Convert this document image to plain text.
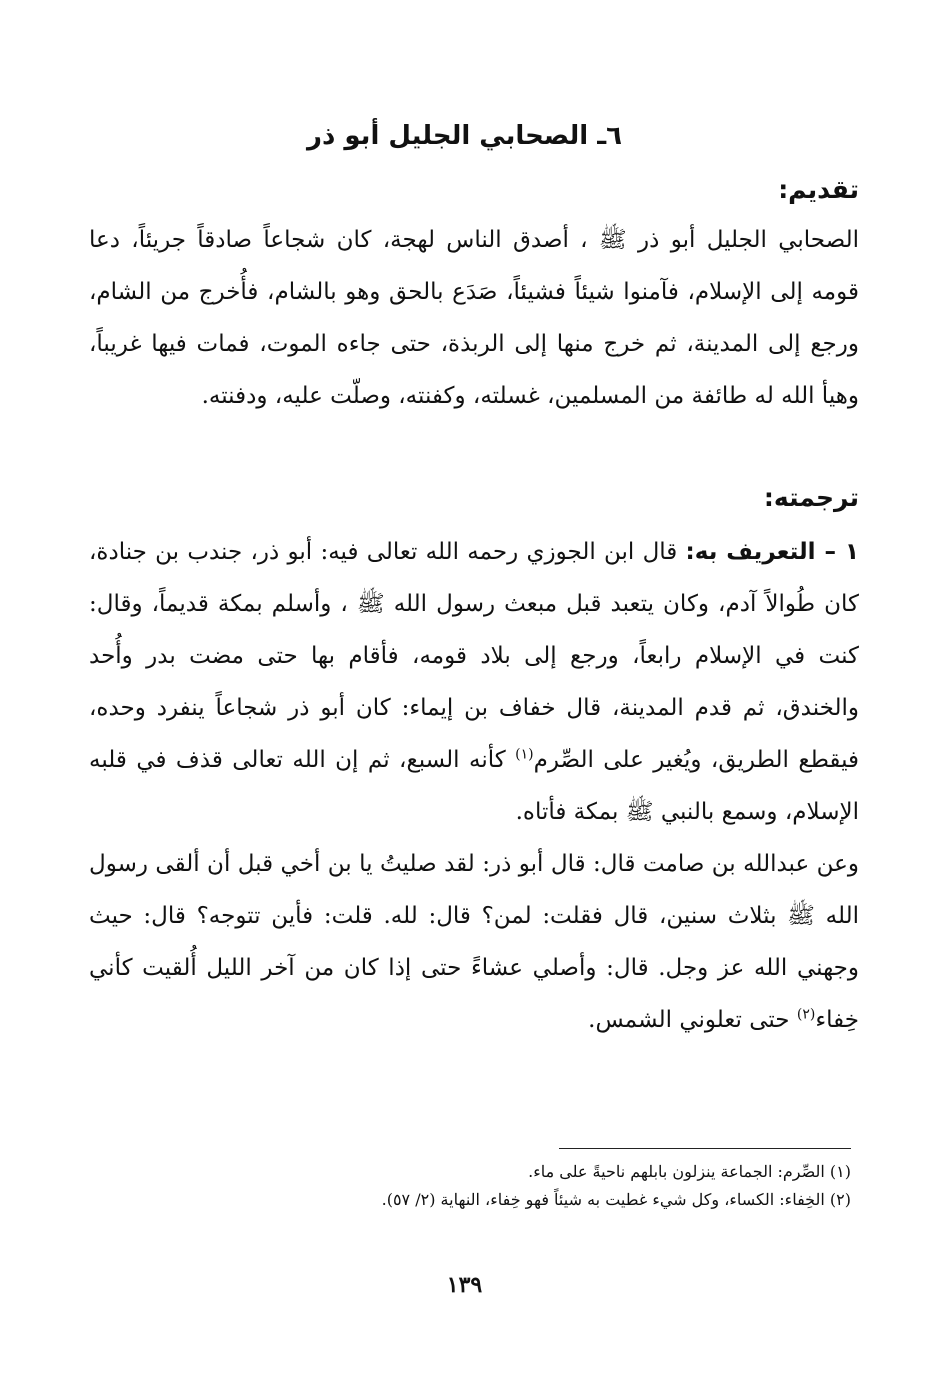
٦ـ الصحابي الجليل أبو ذر
تقديم:
الصحابي الجليل أبو ذر ﷺ ، أصدق الناس لهجة، كان شجاعاً صادقاً جريئاً، دعا قومه إلى الإسلام، فآمنوا شيئاً فشيئاً، صَدَع بالحق وهو بالشام، فأُخرج من الشام، ورجع إلى المدينة، ثم خرج منها إلى الربذة، حتى جاءه الموت، فمات فيها غريباً، وهيأ الله له طائفة من المسلمين، غسلته، وكفنته، وصلّت عليه، ودفنته.
ترجمته:
١ – التعريف به: قال ابن الجوزي رحمه الله تعالى فيه: أبو ذر، جندب بن جنادة، كان طُوالاً آدم، وكان يتعبد قبل مبعث رسول الله ﷺ ، وأسلم بمكة قديماً، وقال: كنت في الإسلام رابعاً، ورجع إلى بلاد قومه، فأقام بها حتى مضت بدر وأُحد والخندق، ثم قدم المدينة، قال خفاف بن إيماء: كان أبو ذر شجاعاً ينفرد وحده، فيقطع الطريق، ويُغير على الصِّرم$^{(١)}$ كأنه السبع، ثم إن الله تعالى قذف في قلبه الإسلام، وسمع بالنبي ﷺ بمكة فأتاه.
وعن عبدالله بن صامت قال: قال أبو ذر: لقد صليتُ يا بن أخي قبل أن ألقى رسول الله ﷺ بثلاث سنين، قال فقلت: لمن؟ قال: لله. قلت: فأين تتوجه؟ قال: حيث وجهني الله عز وجل. قال: وأصلي عشاءً حتى إذا كان من آخر الليل أُلقيت كأني خِفاء$^{(٢)}$ حتى تعلوني الشمس.
(١) الصِّرم: الجماعة ينزلون بابلهم ناحيةً على ماء.
(٢) الخِفاء: الكساء، وكل شيء غطيت به شيئاً فهو خِفاء، النهاية (٢/ ٥٧).
١٣٩
